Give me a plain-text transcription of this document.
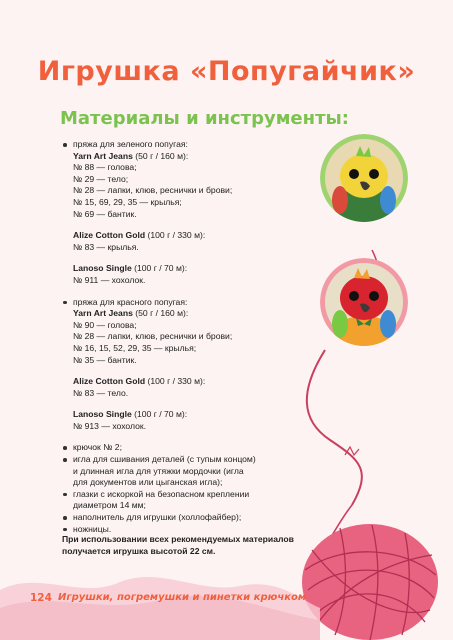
Игрушка «Попугайчик»
Материалы и инструменты:

пряжа для зеленого попугая:

Yarn Art Jeans (50 г / 160 м):

№ 88 — голова;

№ 29 — тело;

№ 28 — лапки, клюв, реснички и брови;

№ 15, 69, 29, 35 — крылья;

№ 69 — бантик.

Alize Cotton Gold (100 г / 330 м):

№ 83 — крылья.

Lanoso Single (100 г / 70 м):

№ 911 — хохолок.

пряжа для красного попугая:

Yarn Art Jeans (50 г / 160 м):

№ 90 — голова;

№ 28 — лапки, клюв, реснички и брови;

№ 16, 15, 52, 29, 35 — крылья;

№ 35 — бантик.

Alize Cotton Gold (100 г / 330 м):

№ 83 — тело.

Lanoso Single (100 г / 70 м):

№ 913 — хохолок.

крючок № 2;

игла для сшивания деталей (с тупым концом)

и длинная игла для утяжки мордочки (игла

для документов или цыганская игла);

глазки с искоркой на безопасном креплении

диаметром 14 мм;

наполнитель для игрушки (холлофайбер);

ножницы.

При использовании всех рекомендуемых материалов
получается игрушка высотой 22 см.
124 Игрушки, погремушки и пинетки крючком
